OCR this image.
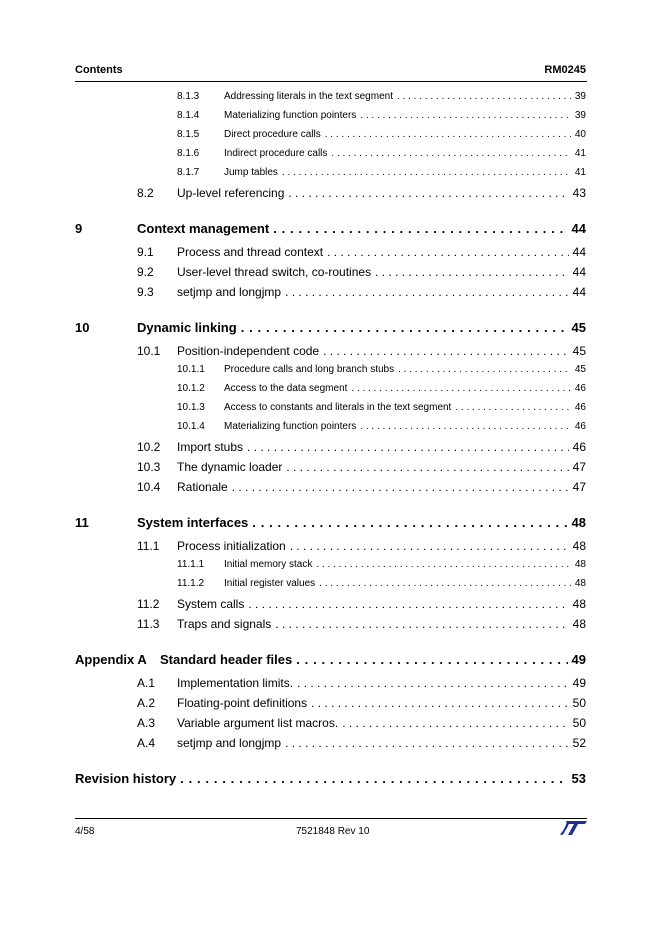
Contents	RM0245
8.1.3 Addressing literals in the text segment . . .	39
8.1.4 Materializing function pointers . . .	39
8.1.5 Direct procedure calls . . .	40
8.1.6 Indirect procedure calls . . .	41
8.1.7 Jump tables . . .	41
8.2 Up-level referencing . . .	43
9	Context management . . .	44
9.1 Process and thread context . . .	44
9.2 User-level thread switch, co-routines . . .	44
9.3 setjmp and longjmp . . .	44
10	Dynamic linking . . .	45
10.1 Position-independent code . . .	45
10.1.1 Procedure calls and long branch stubs . . .	45
10.1.2 Access to the data segment . . .	46
10.1.3 Access to constants and literals in the text segment . . .	46
10.1.4 Materializing function pointers . . .	46
10.2 Import stubs . . .	46
10.3 The dynamic loader . . .	47
10.4 Rationale . . .	47
11	System interfaces . . .	48
11.1 Process initialization . . .	48
11.1.1 Initial memory stack . . .	48
11.1.2 Initial register values . . .	48
11.2 System calls . . .	48
11.3 Traps and signals . . .	48
Appendix A Standard header files . . .	49
A.1 Implementation limits. . . .	49
A.2 Floating-point definitions . . .	50
A.3 Variable argument list macros. . . .	50
A.4 setjmp and longjmp . . .	52
Revision history . . .	53
4/58	7521848 Rev 10	ST
